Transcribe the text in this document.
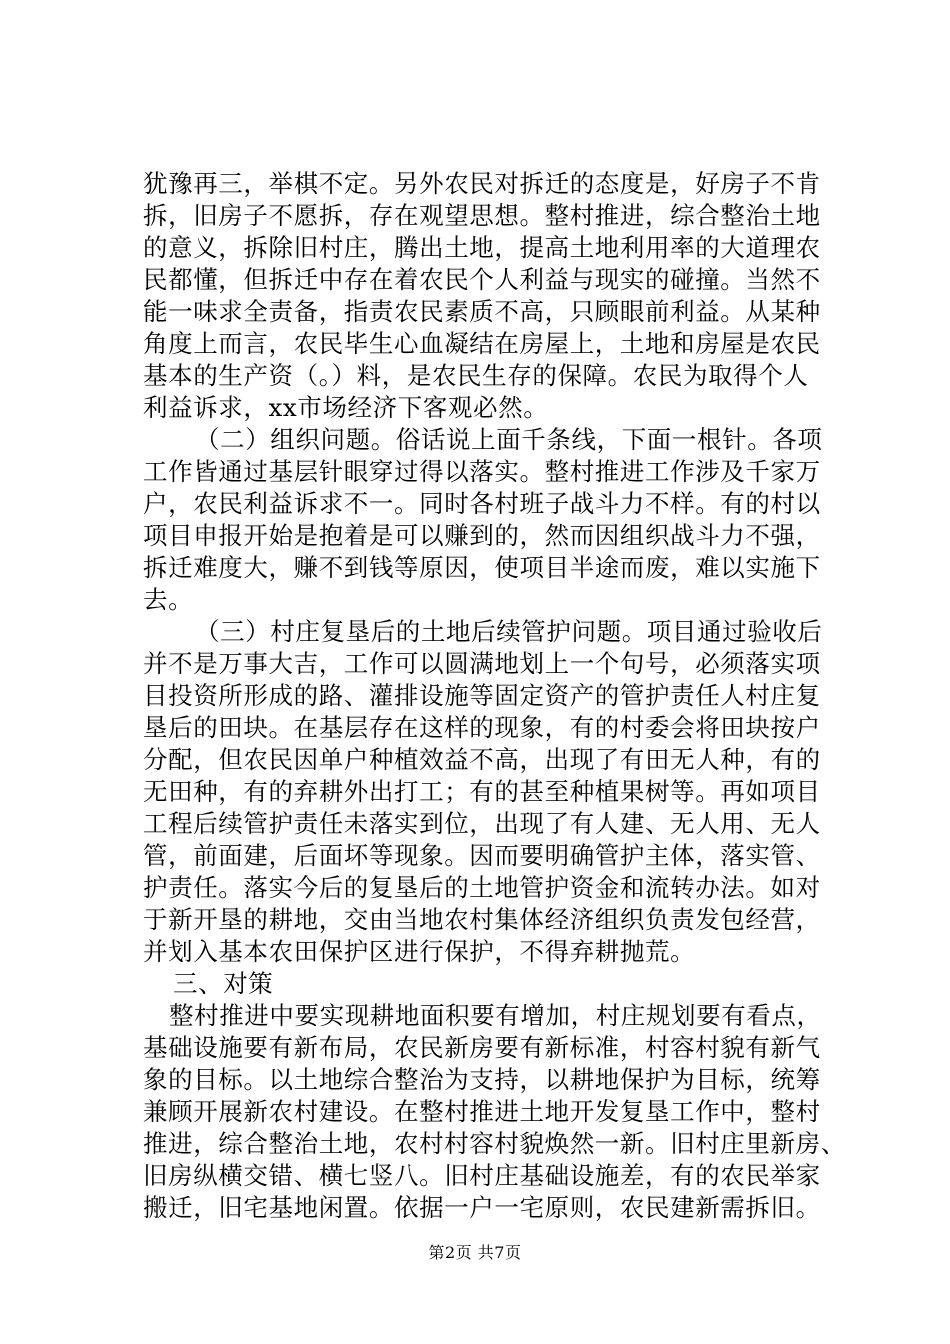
犹豫再三，举棋不定。另外农民对拆迁的态度是，好房子不肯
拆，旧房子不愿拆，存在观望思想。整村推进，综合整治土地
的意义，拆除旧村庄，腾出土地，提高土地利用率的大道理农
民都懂，但拆迁中存在着农民个人利益与现实的碰撞。当然不
能一味求全责备，指责农民素质不高，只顾眼前利益。从某种
角度上而言，农民毕生心血凝结在房屋上，土地和房屋是农民
基本的生产资（。）料，是农民生存的保障。农民为取得个人
利益诉求，xx市场经济下客观必然。
（二）组织问题。俗话说上面千条线，下面一根针。各项
工作皆通过基层针眼穿过得以落实。整村推进工作涉及千家万
户，农民利益诉求不一。同时各村班子战斗力不样。有的村以
项目申报开始是抱着是可以赚到的，然而因组织战斗力不强，
拆迁难度大，赚不到钱等原因，使项目半途而废，难以实施下
去。
（三）村庄复垦后的土地后续管护问题。项目通过验收后
并不是万事大吉，工作可以圆满地划上一个句号，必须落实项
目投资所形成的路、灌排设施等固定资产的管护责任人村庄复
垦后的田块。在基层存在这样的现象，有的村委会将田块按户
分配，但农民因单户种植效益不高，出现了有田无人种，有的
无田种，有的弃耕外出打工；有的甚至种植果树等。再如项目
工程后续管护责任未落实到位，出现了有人建、无人用、无人
管，前面建，后面坏等现象。因而要明确管护主体，落实管、
护责任。落实今后的复垦后的土地管护资金和流转办法。如对
于新开垦的耕地，交由当地农村集体经济组织负责发包经营，
并划入基本农田保护区进行保护，不得弃耕抛荒。
三、对策
整村推进中要实现耕地面积要有增加，村庄规划要有看点，
基础设施要有新布局，农民新房要有新标准，村容村貌有新气
象的目标。以土地综合整治为支持，以耕地保护为目标，统筹
兼顾开展新农村建设。在整村推进土地开发复垦工作中，整村
推进，综合整治土地，农村村容村貌焕然一新。旧村庄里新房、
旧房纵横交错、横七竖八。旧村庄基础设施差，有的农民举家
搬迁，旧宅基地闲置。依据一户一宅原则，农民建新需拆旧。
第2页 共7页
